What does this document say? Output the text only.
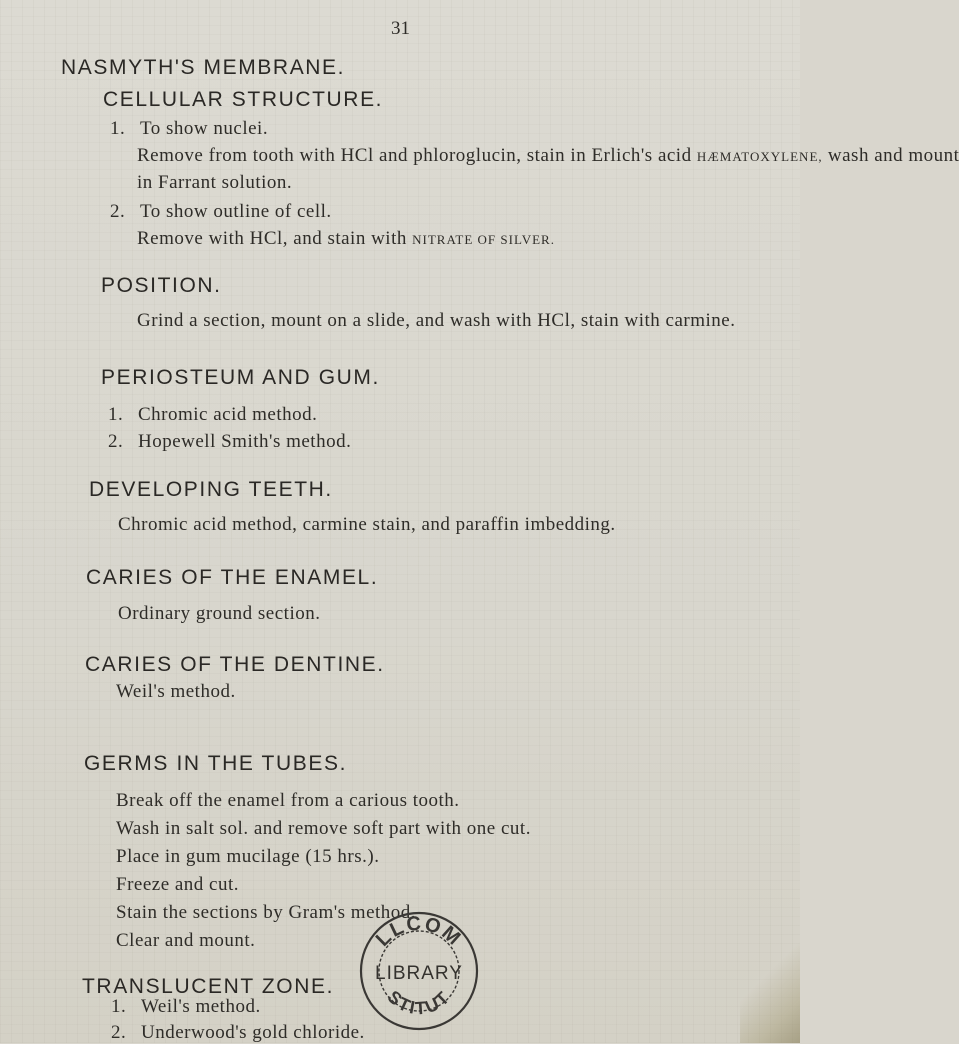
31
NASMYTH'S MEMBRANE.
CELLULAR STRUCTURE.
1. To show nuclei.
Remove from tooth with HCl and phloroglucin, stain in Erlich's acid HÆMATOXYLENE, wash and mount
in Farrant solution.
2. To show outline of cell.
Remove with HCl, and stain with NITRATE OF SILVER.
POSITION.
Grind a section, mount on a slide, and wash with HCl, stain with carmine.
PERIOSTEUM AND GUM.
1. Chromic acid method.
2. Hopewell Smith's method.
DEVELOPING TEETH.
Chromic acid method, carmine stain, and paraffin imbedding.
CARIES OF THE ENAMEL.
Ordinary ground section.
CARIES OF THE DENTINE.
Weil's method.
GERMS IN THE TUBES.
Break off the enamel from a carious tooth.
Wash in salt sol. and remove soft part with one cut.
Place in gum mucilage (15 hrs.).
Freeze and cut.
Stain the sections by Gram's method.
Clear and mount.
TRANSLUCENT ZONE.
1. Weil's method.
2. Underwood's gold chloride.
LLCOM
LIBRARY
STITUT
